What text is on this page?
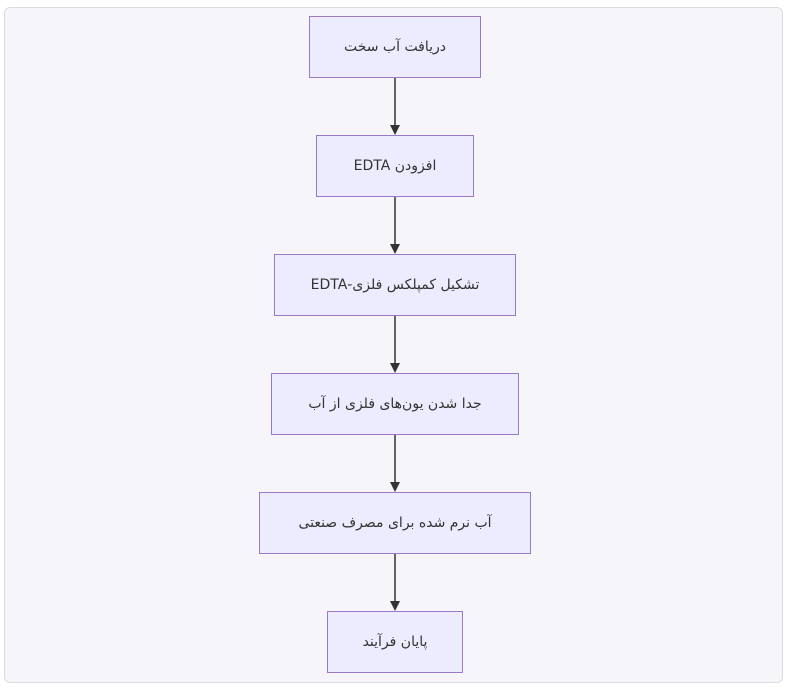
دریافت آب سخت
افزودن EDTA
تشکیل کمپلکس فلزی-EDTA
جدا شدن یون‌های فلزی از آب
آب نرم شده برای مصرف صنعتی
پایان فرآیند
